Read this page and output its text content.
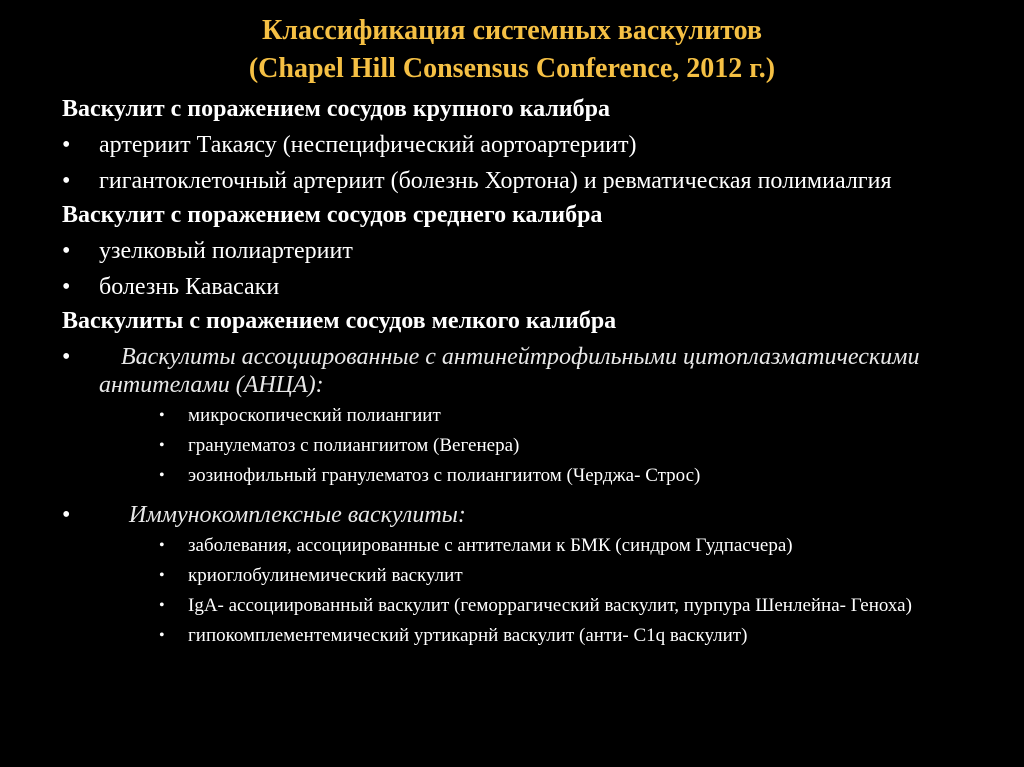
Классификация системных васкулитов
(Chapel Hill Consensus Conference, 2012 г.)
Васкулит с поражением сосудов крупного калибра
• артериит Такаясу (неспецифический аортоартериит)
• гигантоклеточный артериит (болезнь Хортона) и ревматическая полимиалгия
Васкулит с поражением сосудов среднего калибра
• узелковый полиартериит
• болезнь Кавасаки
Васкулиты с поражением сосудов мелкого калибра
• Васкулиты ассоциированные с антинейтрофильными цитоплазматическими антителами (АНЦА):
• микроскопический полиангиит
• гранулематоз с полиангиитом (Вегенера)
• эозинофильный гранулематоз с полиангиитом (Черджа- Строс)
• Иммунокомплексные васкулиты:
• заболевания, ассоциированные с антителами к БМК (синдром Гудпасчера)
• криоглобулинемический васкулит
• IgA- ассоциированный васкулит (геморрагический васкулит, пурпура Шенлейна- Геноха)
• гипокомплементемический уртикарнй васкулит (анти- C1q васкулит)
